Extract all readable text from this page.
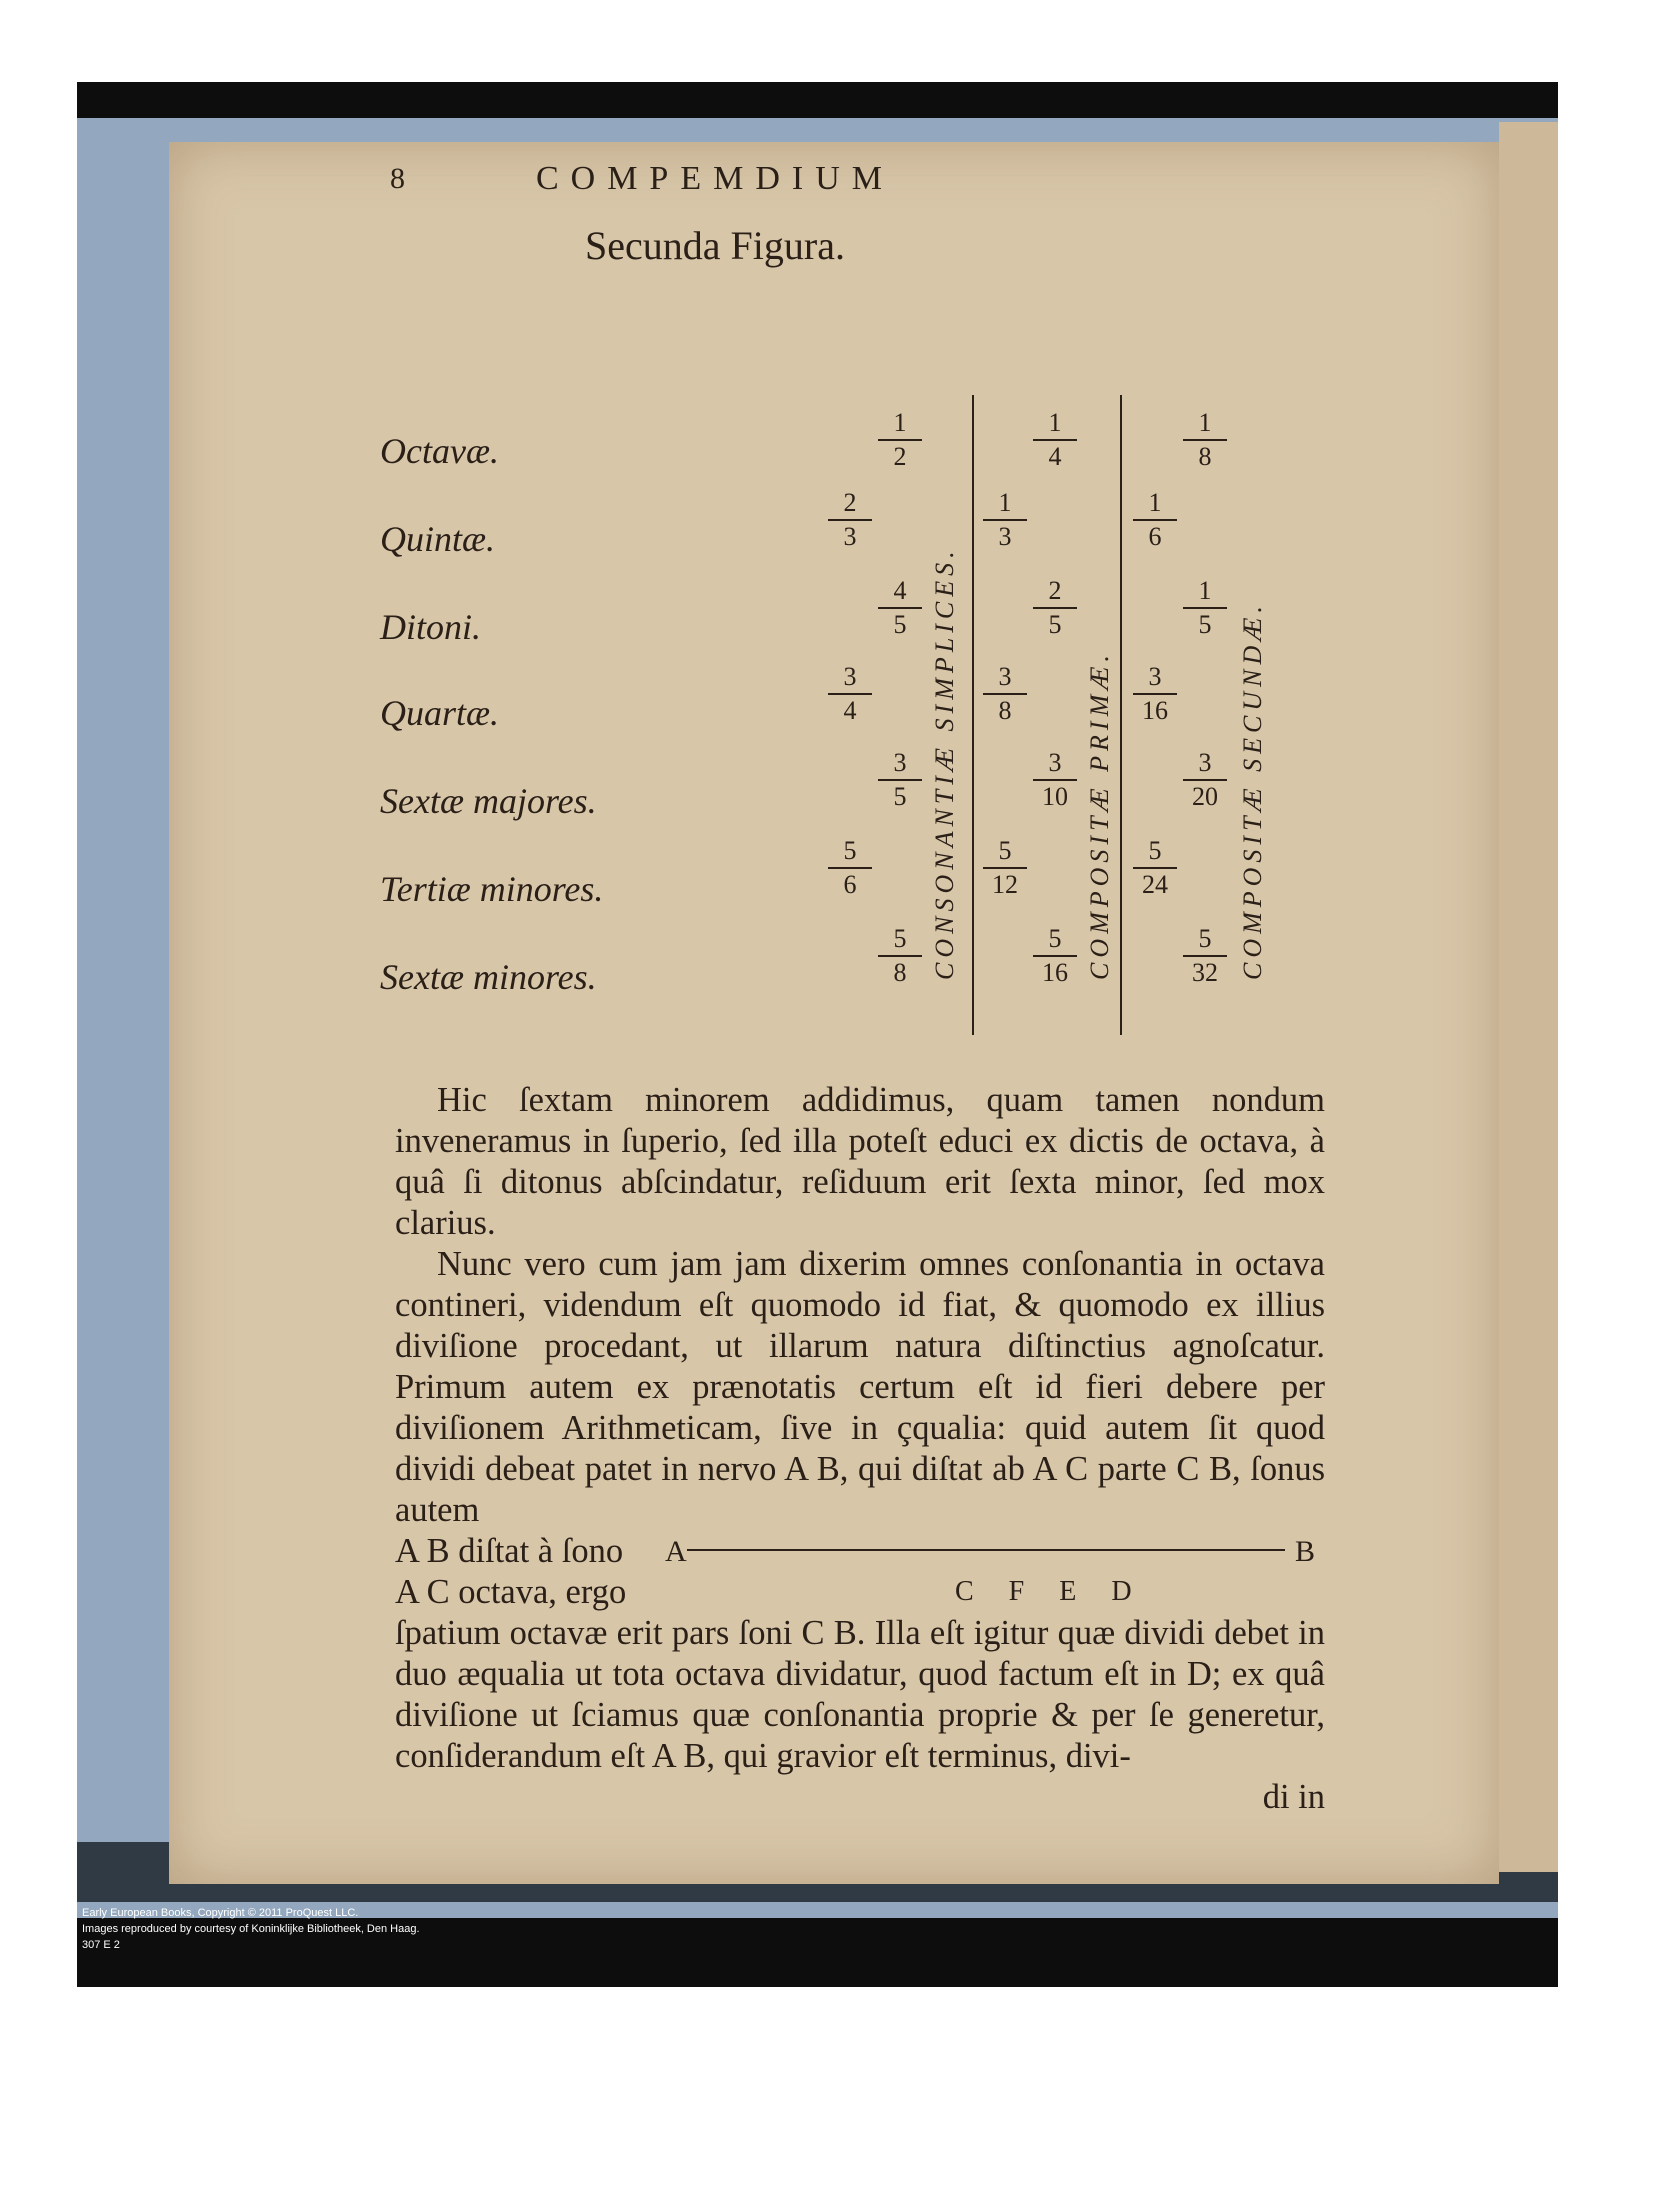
8	COMPEMDIUM
Secunda Figura.
Octavæ.
Quintæ.
Ditoni.
Quartæ.
Sextæ majores.
Tertiæ minores.
Sextæ minores.
1
2
2
3
4
5
3
4
3
5
5
6
5
8 CONSONANTIÆ SIMPLICES.
1
4
1
3
2
5
3
8
3
10
5
12
5
16 COMPOSITÆ PRIMÆ.
1
8
1
6
1
5
3
16
3
20
5
24
5
32 COMPOSITÆ SECUNDÆ.

Hic ſextam minorem addidimus, quam tamen nondum inveneramus in ſuperio, ſed illa poteſt educi ex dictis de octava, à quâ ſi ditonus abſcindatur, reſiduum erit ſexta minor, ſed mox clarius.

Nunc vero cum jam jam dixerim omnes conſonantia in octava contineri, videndum eſt quomodo id fiat, & quomodo ex illius diviſione procedant, ut illarum natura diſtinctius agnoſcatur. Primum autem ex prænotatis certum eſt id fieri debere per diviſionem Arithmeticam, ſive in çqualia: quid autem ſit quod dividi debeat patet in nervo A B, qui diſtat ab A C parte C B, ſonus autem

A B diſtat à ſono
A C octava, ergo
A	B
C F E D

ſpatium octavæ erit pars ſoni C B. Illa eſt igitur quæ dividi debet in duo æqualia ut tota octava dividatur, quod factum eſt in D; ex quâ diviſione ut ſciamus quæ conſonantia proprie & per ſe generetur, conſiderandum eſt A B, qui gravior eſt terminus, divi-

di in
Early European Books, Copyright © 2011 ProQuest LLC.
Images reproduced by courtesy of Koninklijke Bibliotheek, Den Haag.
307 E 2
